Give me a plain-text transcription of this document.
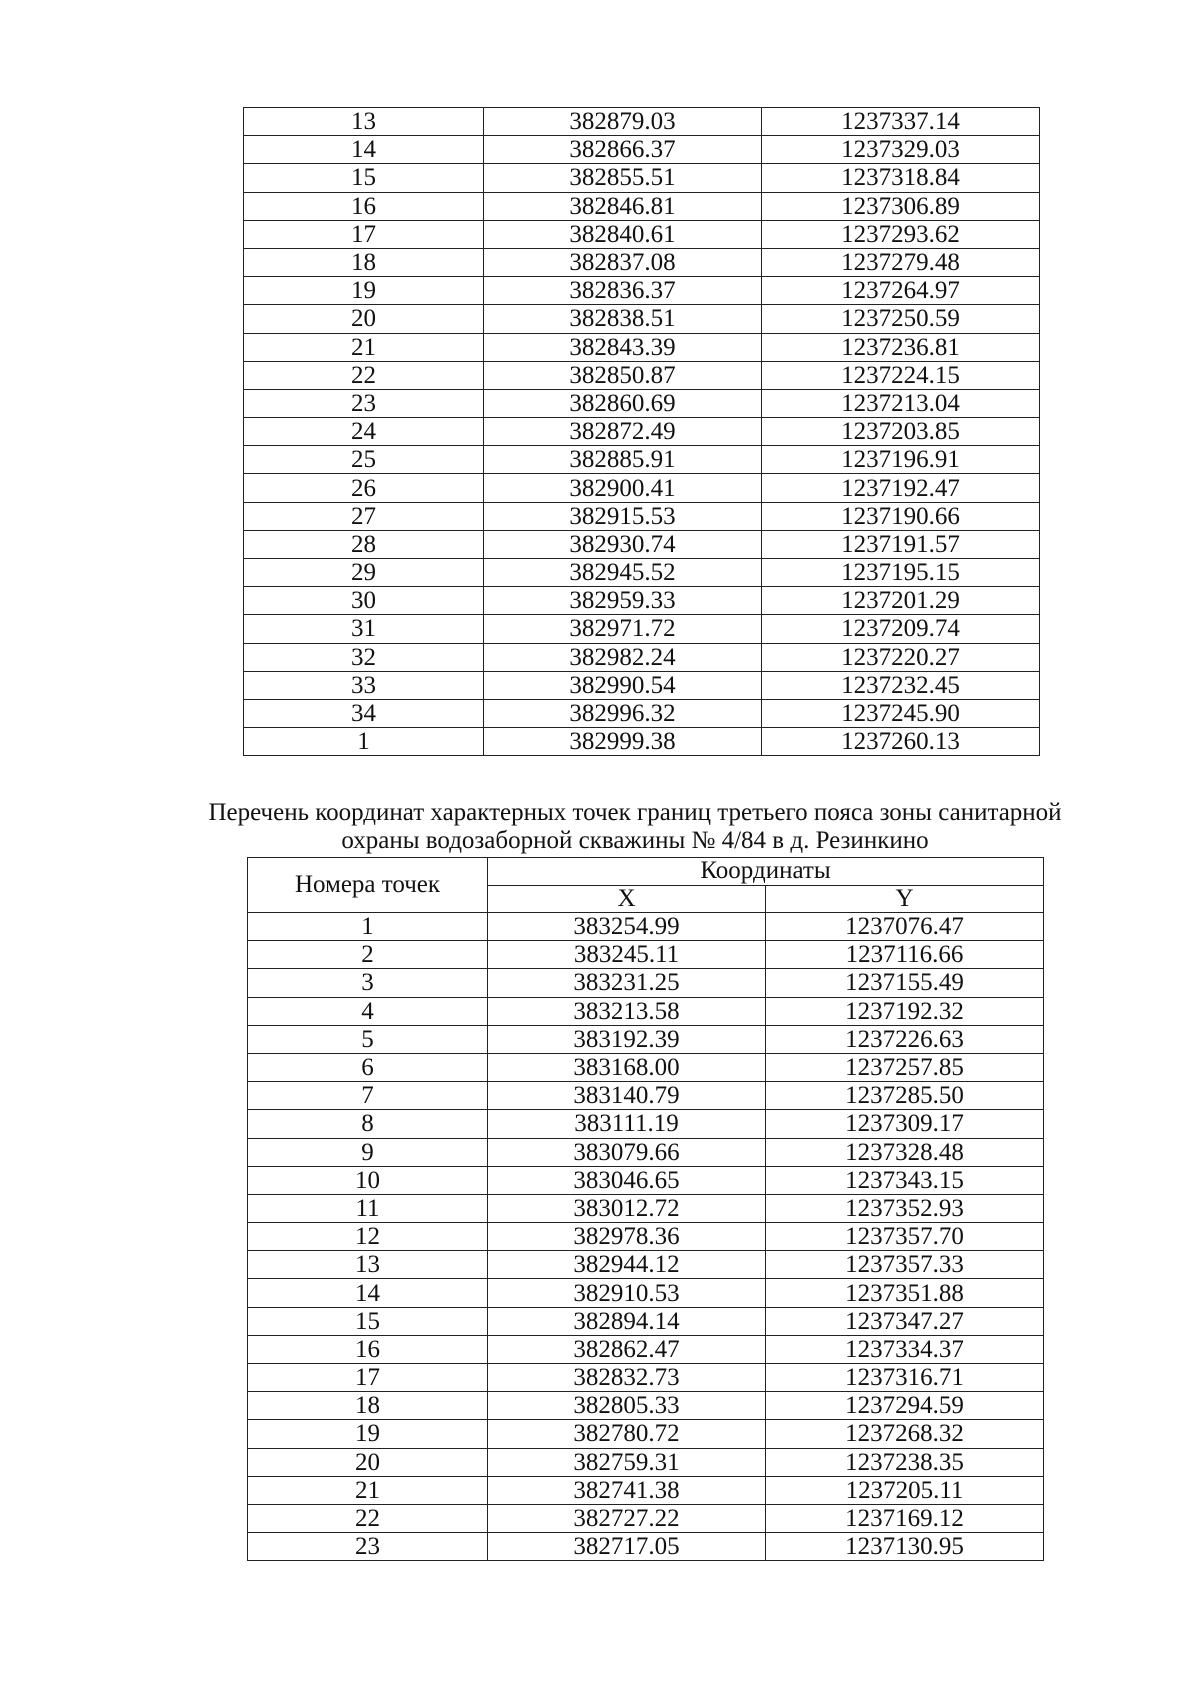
13	382879.03	1237337.14
14	382866.37	1237329.03
15	382855.51	1237318.84
16	382846.81	1237306.89
17	382840.61	1237293.62
18	382837.08	1237279.48
19	382836.37	1237264.97
20	382838.51	1237250.59
21	382843.39	1237236.81
22	382850.87	1237224.15
23	382860.69	1237213.04
24	382872.49	1237203.85
25	382885.91	1237196.91
26	382900.41	1237192.47
27	382915.53	1237190.66
28	382930.74	1237191.57
29	382945.52	1237195.15
30	382959.33	1237201.29
31	382971.72	1237209.74
32	382982.24	1237220.27
33	382990.54	1237232.45
34	382996.32	1237245.90
1	382999.38	1237260.13
Перечень координат характерных точек границ третьего пояса зоны санитарной
охраны водозаборной скважины № 4/84 в д. Резинкино
Номера точек	Координаты	
	X	Y
1	383254.99	1237076.47
2	383245.11	1237116.66
3	383231.25	1237155.49
4	383213.58	1237192.32
5	383192.39	1237226.63
6	383168.00	1237257.85
7	383140.79	1237285.50
8	383111.19	1237309.17
9	383079.66	1237328.48
10	383046.65	1237343.15
11	383012.72	1237352.93
12	382978.36	1237357.70
13	382944.12	1237357.33
14	382910.53	1237351.88
15	382894.14	1237347.27
16	382862.47	1237334.37
17	382832.73	1237316.71
18	382805.33	1237294.59
19	382780.72	1237268.32
20	382759.31	1237238.35
21	382741.38	1237205.11
22	382727.22	1237169.12
23	382717.05	1237130.95
